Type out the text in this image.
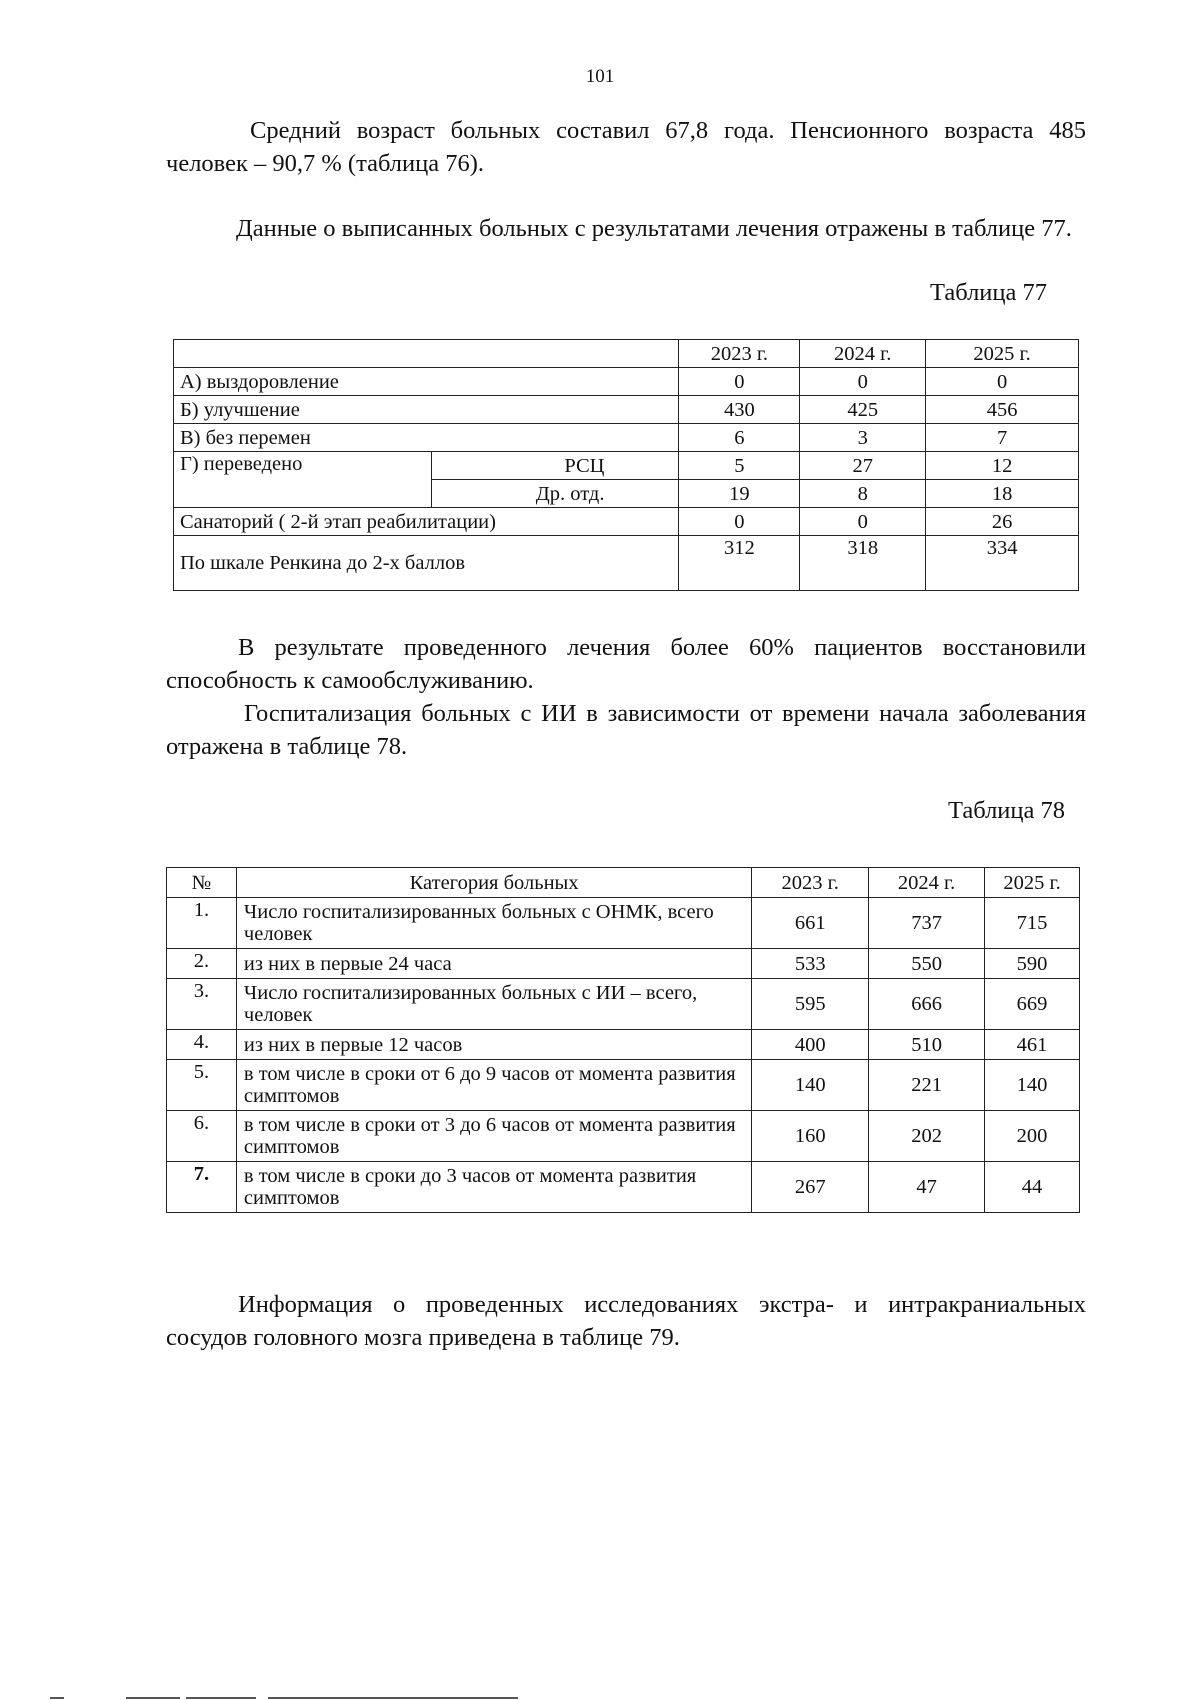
101

Средний возраст больных составил 67,8 года. Пенсионного возраста 485 человек – 90,7 % (таблица 76).

Данные о выписанных больных с результатами лечения отражены в таблице 77.

Таблица 77
		2023 г.	2024 г.	2025 г.
А) выздоровление		0	0	0
Б) улучшение		430	425	456
В) без перемен		6	3	7
Г) переведено	РСЦ	5	27	12
	Др. отд.	19	8	18
Санаторий ( 2-й этап реабилитации)		0	0	26
По шкале Ренкина до 2-х баллов		312	318	334

В результате проведенного лечения более 60% пациентов восстановили способность к самообслуживанию.

Госпитализация больных с ИИ в зависимости от времени начала заболевания отражена в таблице 78.

Таблица 78
№	Категория больных	2023 г.	2024 г.	2025 г.
1.	Число госпитализированных больных с ОНМК, всего человек	661	737	715
2.	из них в первые 24 часа	533	550	590
3.	Число госпитализированных больных с ИИ – всего, человек	595	666	669
4.	из них в первые 12 часов	400	510	461
5.	в том числе в сроки от 6 до 9 часов от момента развития симптомов	140	221	140
6.	в том числе в сроки от 3 до 6 часов от момента развития симптомов	160	202	200
7.	в том числе в сроки до 3 часов от момента развития симптомов	267	47	44

Информация о проведенных исследованиях экстра- и интракраниальных сосудов головного мозга приведена в таблице 79.
